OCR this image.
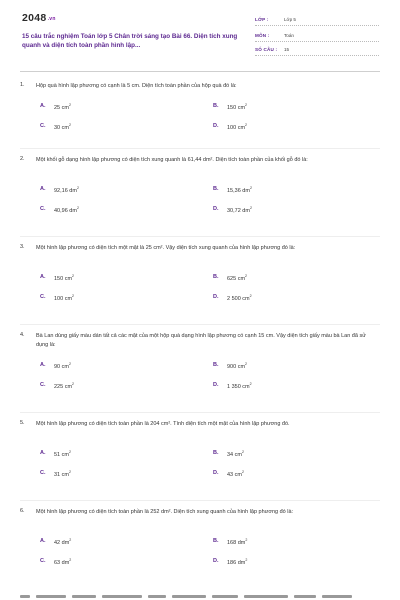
2048.vn
15 câu trắc nghiệm Toán lớp 5 Chân trời sáng tạo Bài 66. Diện tích xung quanh và diện tích toàn phần hình lập...
LỚP :	Lớp 5
MÔN :	Toán
SỐ CÂU : 15
1. Hộp quà hình lập phương có cạnh là 5 cm. Diện tích toàn phần của hộp quà đó là:
A. 25 $cm^2$	B. 150 $cm^2$
C. 30 $cm^2$	D. 100 $cm^2$
2. Một khối gỗ dạng hình lập phương có diện tích xung quanh là 61,44 dm². Diện tích toàn phần của khối gỗ đó là:
A. 92,16 $dm^2$	B. 15,36 $dm^2$
C. 40,96 $dm^2$	D. 30,72 $dm^2$
3. Một hình lập phương có diện tích một mặt là 25 cm². Vậy diện tích xung quanh của hình lập phương đó là:
A. 150 $cm^2$	B. 625 $cm^2$
C. 100 $cm^2$	D. 2 500 $cm^2$
4. Bà Lan dùng giấy màu dán tất cả các mặt của một hộp quà dạng hình lập phương có cạnh 15 cm. Vậy diện tích giấy màu bà Lan đã sử dụng là:
A. 90 $cm^2$	B. 900 $cm^2$
C. 225 $cm^2$	D. 1 350 $cm^2$
5. Một hình lập phương có diện tích toàn phần là 204 cm². Tính diện tích một mặt của hình lập phương đó.
A. 51 $cm^2$	B. 34 $cm^2$
C. 31 $cm^2$	D. 43 $cm^2$
6. Một hình lập phương có diện tích toàn phần là 252 dm². Diện tích xung quanh của hình lập phương đó là:
A. 42 $dm^2$	B. 168 $dm^2$
C. 63 $dm^2$	D. 186 $dm^2$
